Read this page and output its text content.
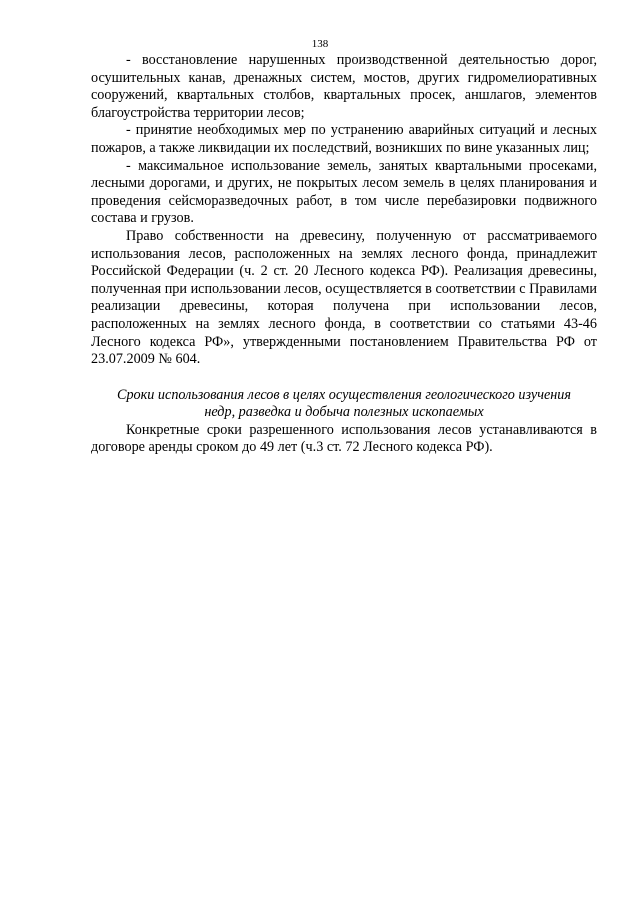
138

- восстановление нарушенных производственной деятельностью дорог, осушительных канав, дренажных систем, мостов, других гидромелиоративных сооружений, квартальных столбов, квартальных просек, аншлагов, элементов благоустройства территории лесов;

- принятие необходимых мер по устранению аварийных ситуаций и лесных пожаров, а также ликвидации их последствий, возникших по вине указанных лиц;

- максимальное использование земель, занятых квартальными просеками, лесными дорогами, и других, не покрытых лесом земель в целях планирования и проведения сейсморазведочных работ, в том числе перебазировки подвижного состава и грузов.

Право собственности на древесину, полученную от рассматриваемого использования лесов, расположенных на землях лесного фонда, принадлежит Российской Федерации (ч. 2 ст. 20 Лесного кодекса РФ). Реализация древесины, полученная при использовании лесов, осуществляется в соответствии с Правилами реализации древесины, которая получена при использовании лесов, расположенных на землях лесного фонда, в соответствии со статьями 43-46 Лесного кодекса РФ», утвержденными постановлением Правительства РФ от 23.07.2009 № 604.

Сроки использования лесов в целях осуществления геологического изучения
недр, разведка и добыча полезных ископаемых

Конкретные сроки разрешенного использования лесов устанавливаются в договоре аренды сроком до 49 лет (ч.3 ст. 72 Лесного кодекса РФ).
